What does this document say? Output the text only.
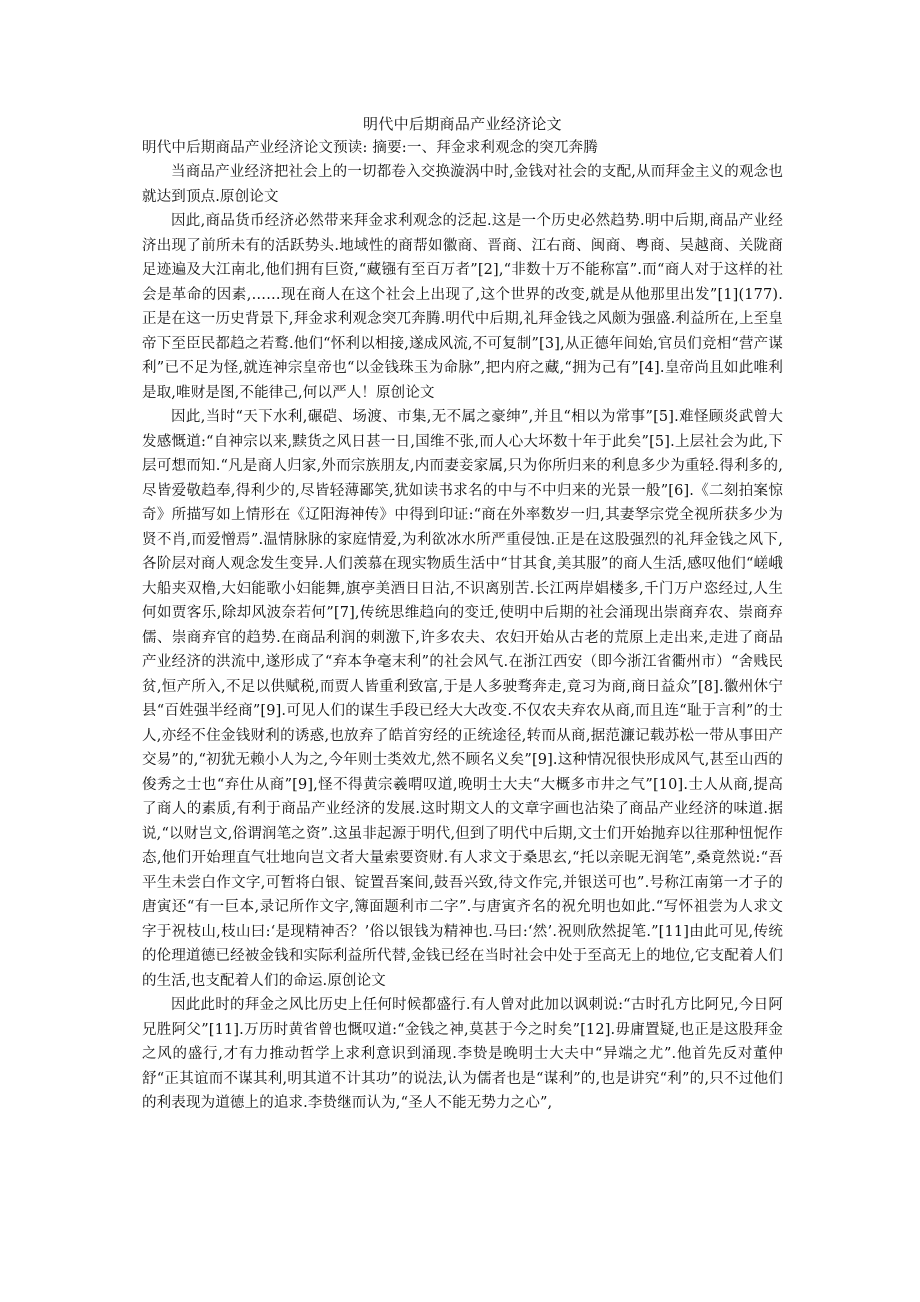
明代中后期商品产业经济论文
明代中后期商品产业经济论文预读: 摘要:一、拜金求利观念的突兀奔腾

当商品产业经济把社会上的一切都卷入交换漩涡中时,金钱对社会的支配,从而拜金主义的观念也就达到顶点.原创论文

因此,商品货币经济必然带来拜金求利观念的泛起.这是一个历史必然趋势.明中后期,商品产业经济出现了前所未有的活跃势头.地域性的商帮如徽商、晋商、江右商、闽商、粤商、吴越商、关陇商足迹遍及大江南北,他们拥有巨资,“藏镪有至百万者”[2],“非数十万不能称富”.而“商人对于这样的社会是革命的因素,……现在商人在这个社会上出现了,这个世界的改变,就是从他那里出发”[1](177).正是在这一历史背景下,拜金求利观念突兀奔腾.明代中后期,礼拜金钱之风颇为强盛.利益所在,上至皇帝下至臣民都趋之若鹜.他们“怀利以相接,遂成风流,不可复制”[3],从正德年间始,官员们竞相“营产谋利”已不足为怪,就连神宗皇帝也“以金钱珠玉为命脉”,把内府之藏,“拥为己有”[4].皇帝尚且如此唯利是取,唯财是图,不能律己,何以严人！原创论文

因此,当时“天下水利,碾硙、场渡、市集,无不属之豪绅”,并且“相以为常事”[5].难怪顾炎武曾大发感慨道:“自神宗以来,黩货之风日甚一日,国维不张,而人心大坏数十年于此矣”[5].上层社会为此,下层可想而知.“凡是商人归家,外而宗族朋友,内而妻妾家属,只为你所归来的利息多少为重轻.得利多的,尽皆爱敬趋奉,得利少的,尽皆轻薄鄙笑,犹如读书求名的中与不中归来的光景一般”[6].《二刻拍案惊奇》所描写如上情形在《辽阳海神传》中得到印证:“商在外率数岁一归,其妻孥宗党全视所获多少为贤不肖,而爱憎焉”.温情脉脉的家庭情爱,为利欲冰水所严重侵蚀.正是在这股强烈的礼拜金钱之风下,各阶层对商人观念发生变异.人们羡慕在现实物质生活中“甘其食,美其服”的商人生活,感叹他们“嵯峨大船夹双橹,大妇能歌小妇能舞,旗亭美酒日日沾,不识离别苦.长江两岸娼楼多,千门万户恣经过,人生何如贾客乐,除却风波奈若何”[7],传统思维趋向的变迁,使明中后期的社会涌现出崇商弃农、崇商弃儒、崇商弃官的趋势.在商品利润的刺激下,许多农夫、农妇开始从古老的荒原上走出来,走进了商品产业经济的洪流中,遂形成了“弃本争毫末利”的社会风气.在浙江西安（即今浙江省衢州市）“舍贱民贫,恒产所入,不足以供赋税,而贾人皆重利致富,于是人多驶骛奔走,竟习为商,商日益众”[8].徽州休宁县“百姓强半经商”[9].可见人们的谋生手段已经大大改变.不仅农夫弃农从商,而且连“耻于言利”的士人,亦经不住金钱财利的诱惑,也放弃了皓首穷经的正统途径,转而从商,据范濂记载苏松一带从事田产交易”的,“初犹无赖小人为之,今年则士类效尤,然不顾名义矣”[9].这种情况很快形成风气,甚至山西的俊秀之士也“弃仕从商”[9],怪不得黄宗羲喟叹道,晚明士大夫“大概多市井之气”[10].士人从商,提高了商人的素质,有利于商品产业经济的发展.这时期文人的文章字画也沾染了商品产业经济的味道.据说,“以财岂文,俗谓润笔之资”.这虽非起源于明代,但到了明代中后期,文士们开始抛弃以往那种忸怩作态,他们开始理直气壮地向岂文者大量索要资财.有人求文于桑思玄,“托以亲昵无润笔”,桑竟然说:“吾平生未尝白作文字,可暂将白银、锭置吾案间,鼓吾兴致,待文作完,并银送可也”.号称江南第一才子的唐寅还“有一巨本,录记所作文字,簿面题利市二字”.与唐寅齐名的祝允明也如此.“写怀祖尝为人求文字于祝枝山,枝山曰:‘是现精神否？’俗以银钱为精神也.马曰:‘然’.祝则欣然捉笔.”[11]由此可见,传统的伦理道德已经被金钱和实际利益所代替,金钱已经在当时社会中处于至高无上的地位,它支配着人们的生活,也支配着人们的命运.原创论文

因此此时的拜金之风比历史上任何时候都盛行.有人曾对此加以讽刺说:“古时孔方比阿兄,今日阿兄胜阿父”[11].万历时黄省曾也慨叹道:“金钱之神,莫甚于今之时矣”[12].毋庸置疑,也正是这股拜金之风的盛行,才有力推动哲学上求利意识到涌现.李贽是晚明士大夫中“异端之尤”.他首先反对董仲舒“正其谊而不谋其利,明其道不计其功”的说法,认为儒者也是“谋利”的,也是讲究“利”的,只不过他们的利表现为道德上的追求.李贽继而认为,“圣人不能无势力之心”,
